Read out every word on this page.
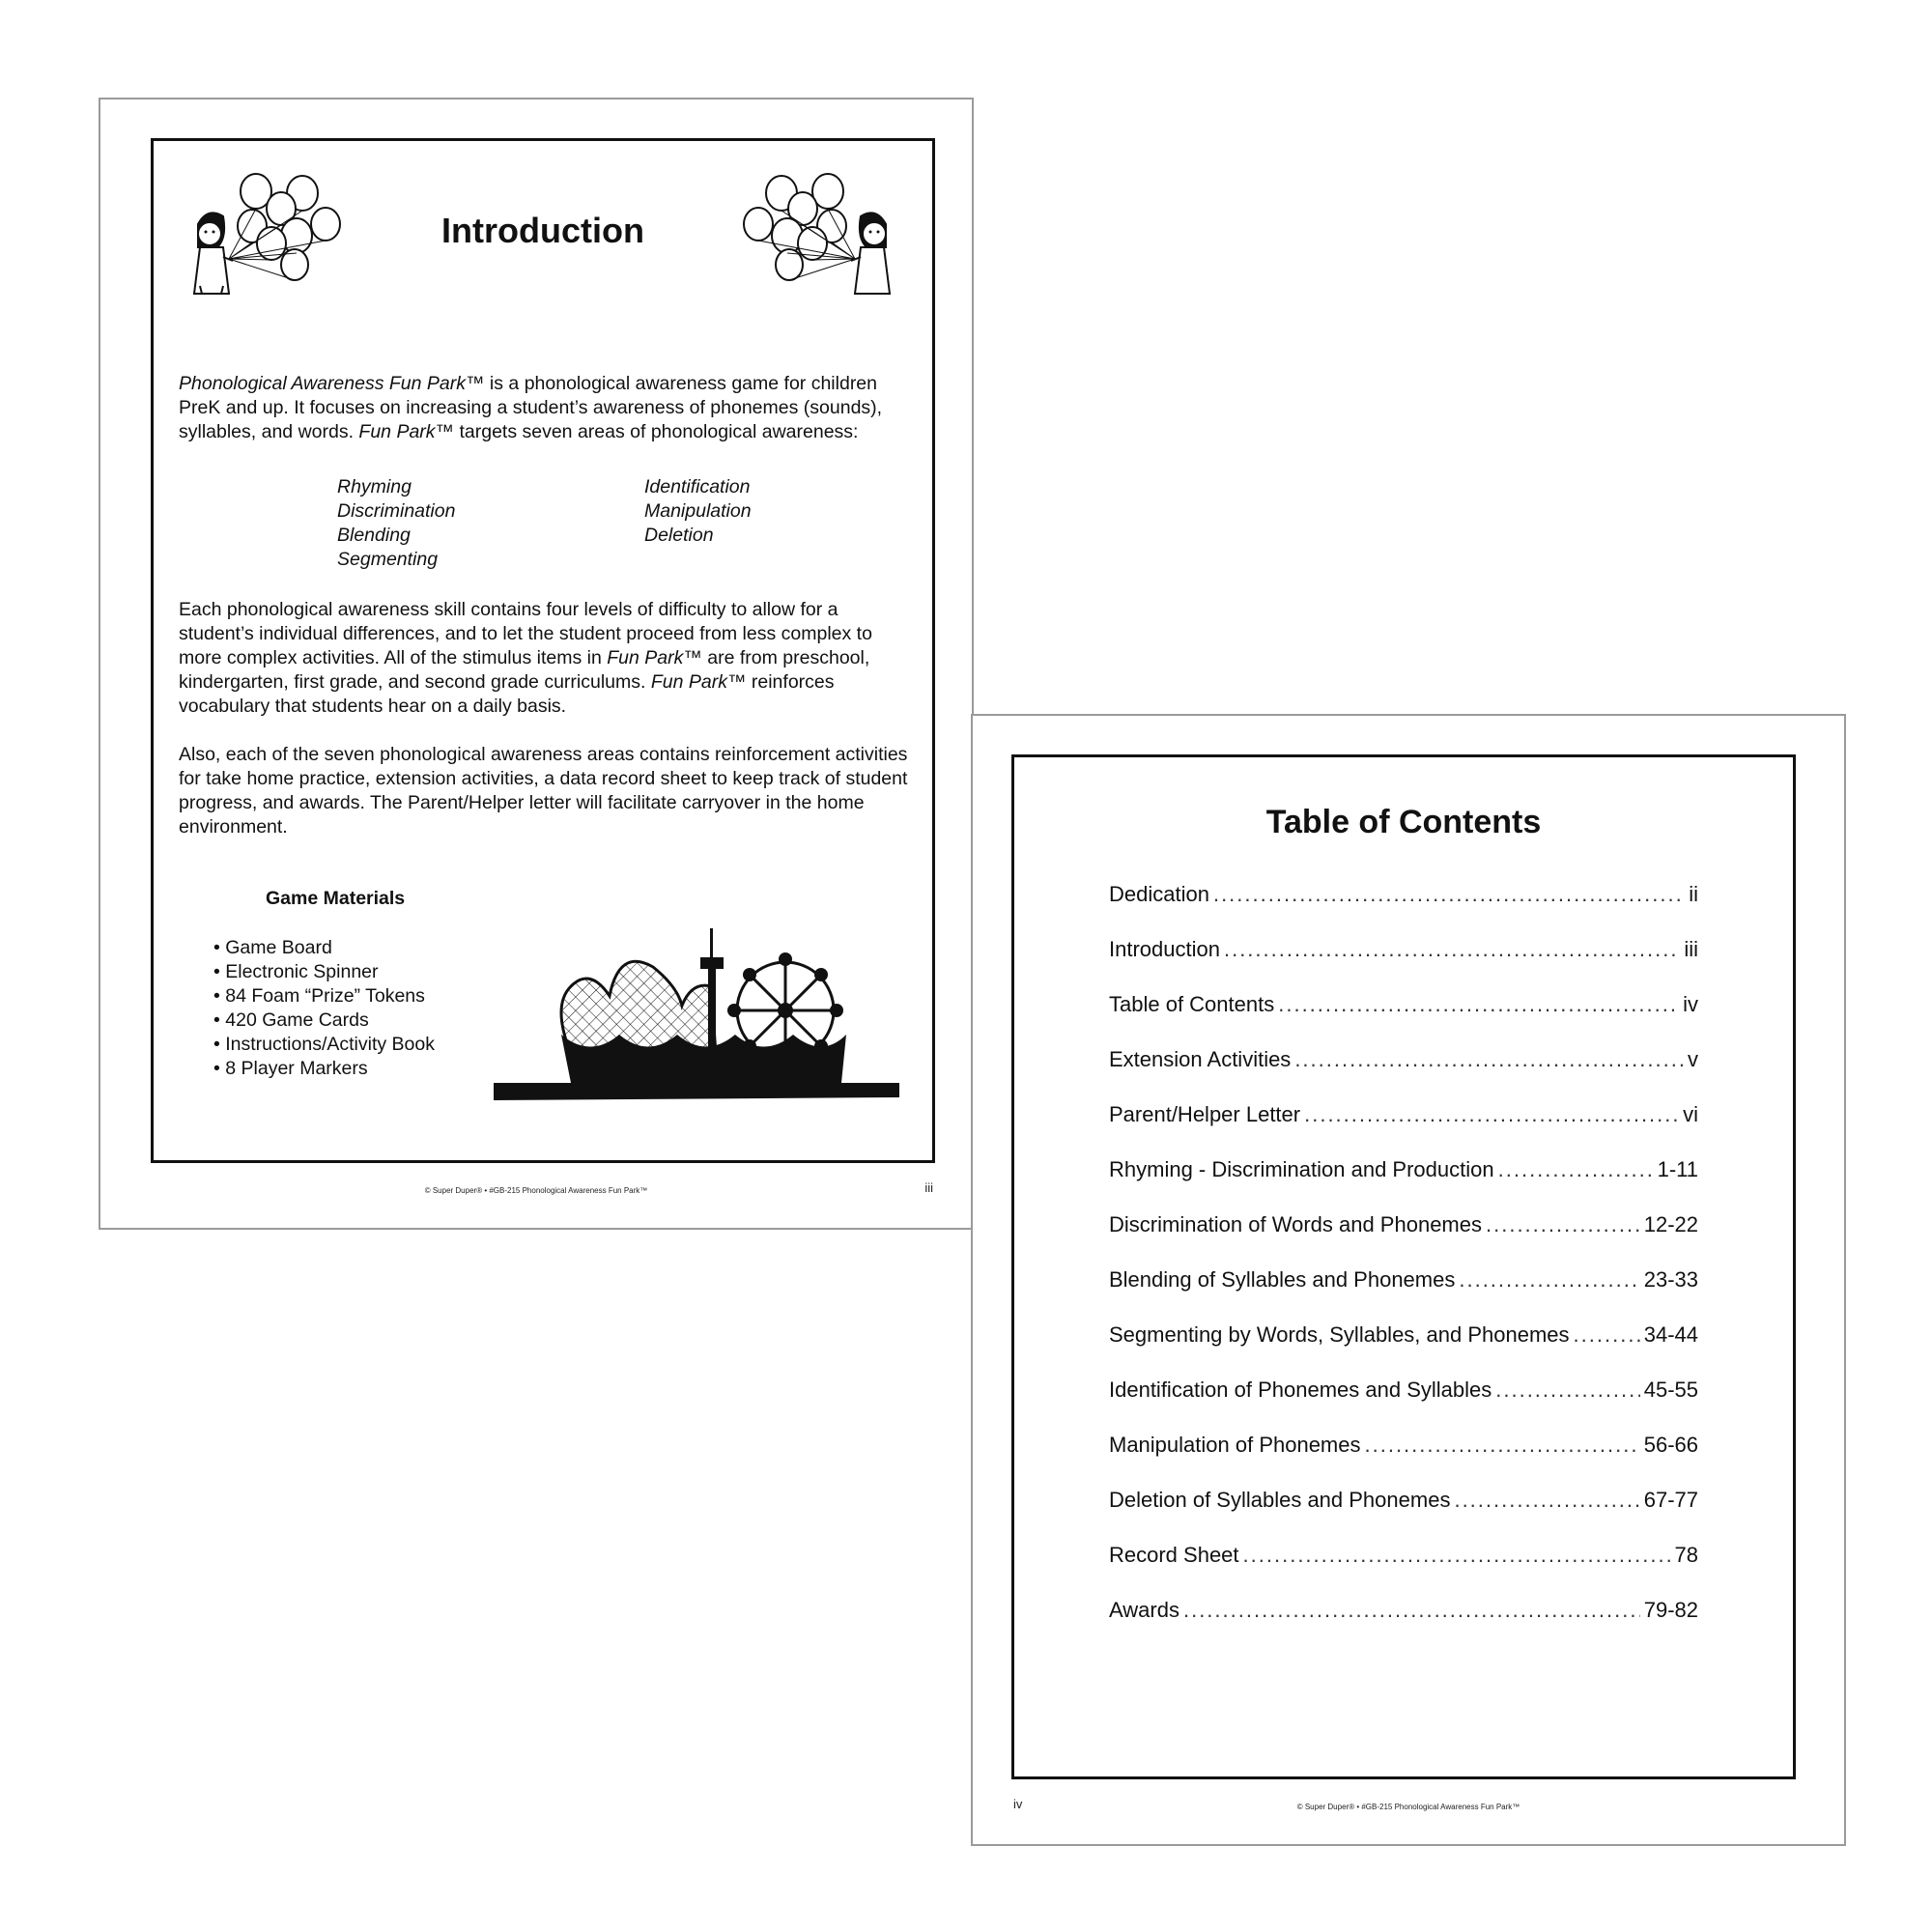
Introduction

Phonological Awareness Fun Park™ is a phonological awareness game for children PreK and up. It focuses on increasing a student’s awareness of phonemes (sounds), syllables, and words. Fun Park™ targets seven areas of phonological awareness:

Rhyming
Discrimination
Blending
Segmenting
Identification
Manipulation
Deletion

Each phonological awareness skill contains four levels of difficulty to allow for a student’s individual differences, and to let the student proceed from less complex to more complex activities. All of the stimulus items in Fun Park™ are from preschool, kindergarten, first grade, and second grade curriculums. Fun Park™ reinforces vocabulary that students hear on a daily basis.

Also, each of the seven phonological awareness areas contains reinforcement activities for take home practice, extension activities, a data record sheet to keep track of student progress, and awards. The Parent/Helper letter will facilitate carryover in the home environment.

Game Materials
• Game Board
• Electronic Spinner
• 84 Foam “Prize” Tokens
• 420 Game Cards
• Instructions/Activity Book
• 8 Player Markers
© Super Duper® • #GB-215 Phonological Awareness Fun Park™	iii
Table of Contents
Dedication .....	ii
Introduction .....	iii
Table of Contents .....	iv
Extension Activities .....	v
Parent/Helper Letter .....	vi
Rhyming - Discrimination and Production .....	1-11
Discrimination of Words and Phonemes .....	12-22
Blending of Syllables and Phonemes .....	23-33
Segmenting by Words, Syllables, and Phonemes .....	34-44
Identification of Phonemes and Syllables .....	45-55
Manipulation of Phonemes .....	56-66
Deletion of Syllables and Phonemes .....	67-77
Record Sheet .....	78
Awards .....	79-82
© Super Duper® • #GB-215 Phonological Awareness Fun Park™
iv
